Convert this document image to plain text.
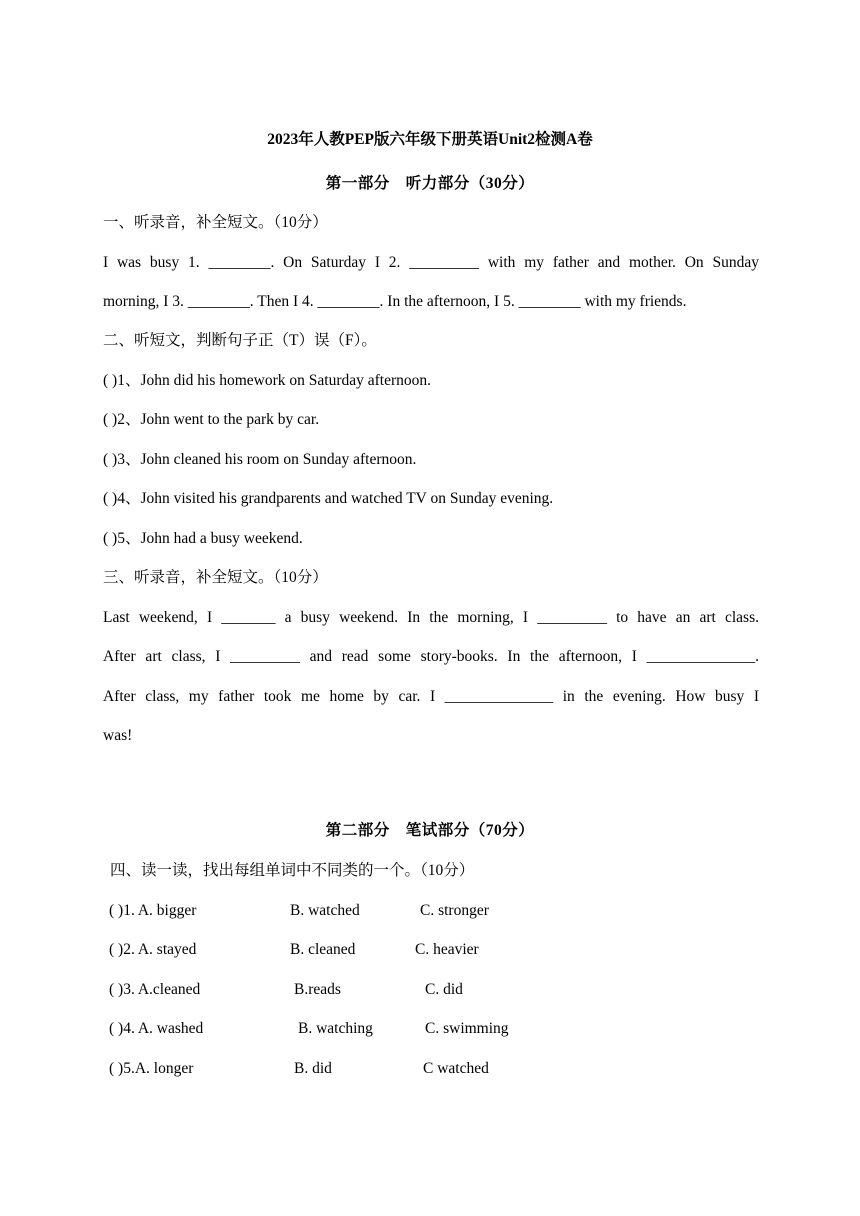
2023年人教PEP版六年级下册英语Unit2检测A卷
第一部分　听力部分（30分）
一、听录音，补全短文。（10分）
I was busy 1. ________. On Saturday I 2. _________ with my father and mother. On Sunday
morning, I 3. ________. Then I 4. ________. In the afternoon, I 5. ________ with my friends.
二、听短文，判断句子正（T）误（F）。
( )1、John did his homework on Saturday afternoon.
( )2、John went to the park by car.
( )3、John cleaned his room on Sunday afternoon.
( )4、John visited his grandparents and watched TV on Sunday evening.
( )5、John had a busy weekend.
三、听录音，补全短文。（10分）
Last weekend, I _______ a busy weekend. In the morning, I _________ to have an art class.
After art class, I _________ and read some story-books. In the afternoon, I ______________.
After class, my father took me home by car. I ______________ in the evening. How busy I
was!
第二部分　笔试部分（70分）
四、读一读，找出每组单词中不同类的一个。（10分）
( )1. A. bigger	B. watched	C. stronger
( )2. A. stayed	B. cleaned	C. heavier
( )3. A.cleaned	B.reads	C. did
( )4. A. washed	B. watching	C. swimming
( )5.A. longer	B. did	C watched
